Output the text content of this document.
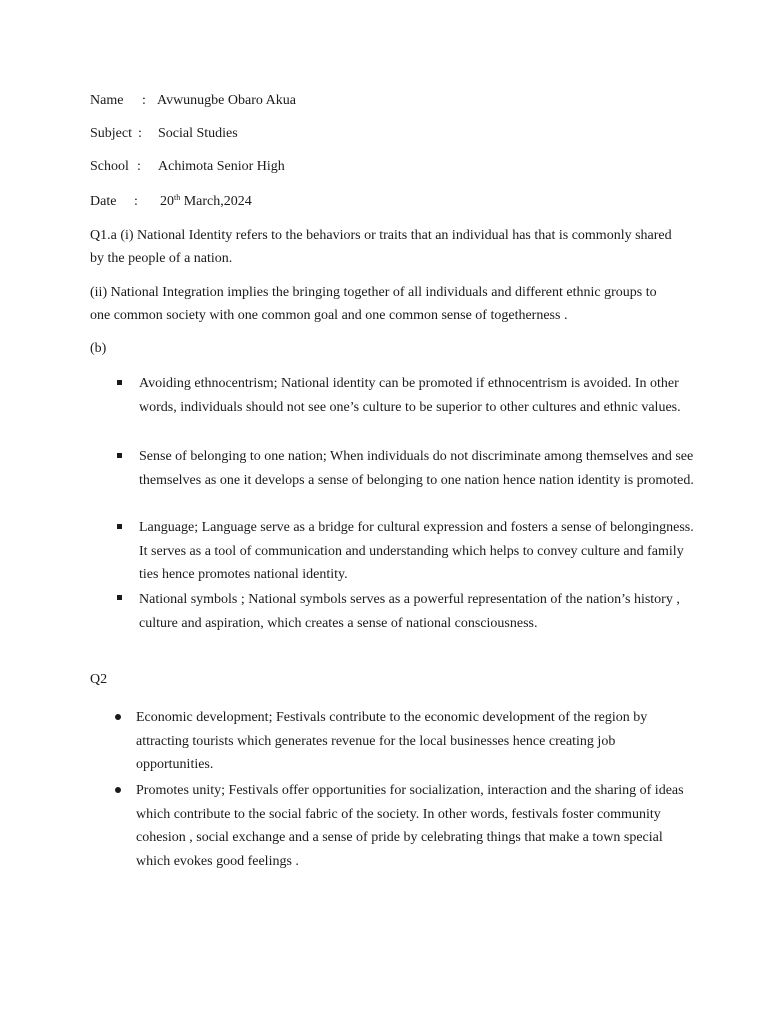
Name : Avwunugbe Obaro Akua
Subject : Social Studies
School : Achimota Senior High
Date : 20th March,2024

Q1.a (i) National Identity refers to the behaviors or traits that an individual has that is commonly shared by the people of a nation.

(ii) National Integration implies the bringing together of all individuals and different ethnic groups to one common society with one common goal and one common sense of togetherness .

(b)

Avoiding ethnocentrism; National identity can be promoted if ethnocentrism is avoided. In other words, individuals should not see one’s culture to be superior to other cultures and ethnic values.

Sense of belonging to one nation; When individuals do not discriminate among themselves and see themselves as one it develops a sense of belonging to one nation hence nation identity is promoted.

Language; Language serve as a bridge for cultural expression and fosters a sense of belongingness. It serves as a tool of communication and understanding which helps to convey culture and family ties hence promotes national identity.

National symbols ; National symbols serves as a powerful representation of the nation’s history , culture and aspiration, which creates a sense of national consciousness.

Q2

Economic development; Festivals contribute to the economic development of the region by attracting tourists which generates revenue for the local businesses hence creating job opportunities.

Promotes unity; Festivals offer opportunities for socialization, interaction and the sharing of ideas which contribute to the social fabric of the society. In other words, festivals foster community cohesion , social exchange and a sense of pride by celebrating things that make a town special which evokes good feelings .
